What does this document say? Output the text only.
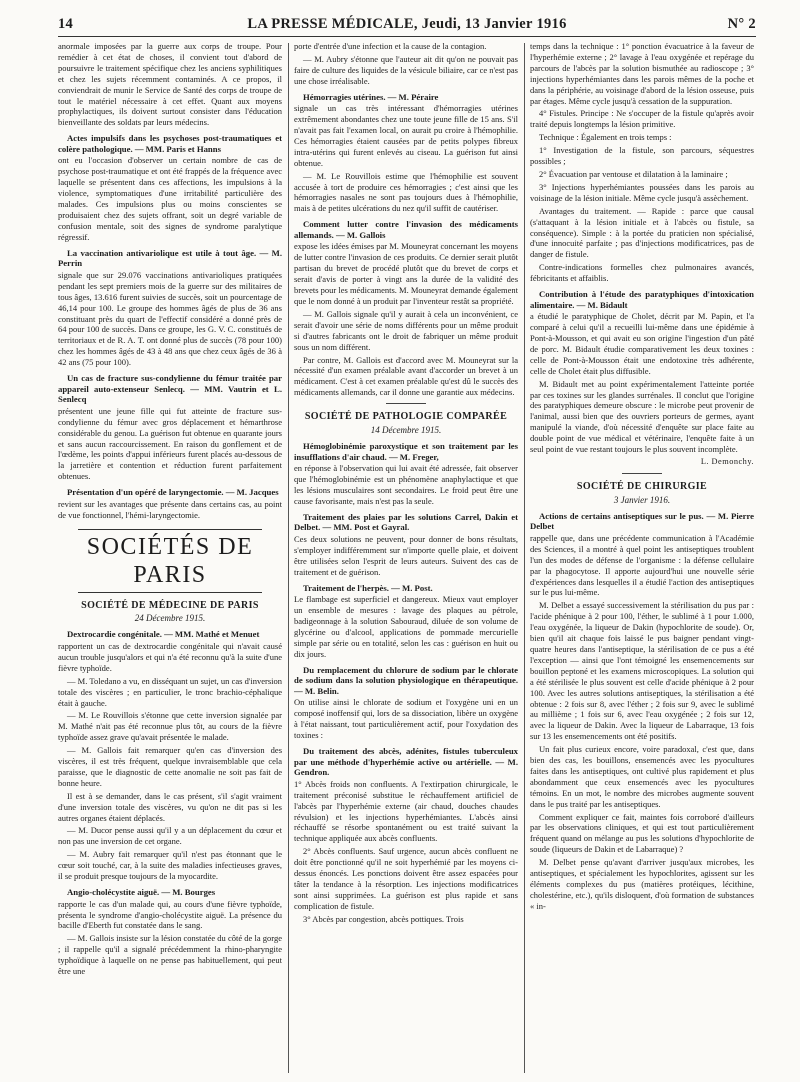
14	LA PRESSE MÉDICALE, Jeudi, 13 Janvier 1916	N° 2

anormale imposées par la guerre aux corps de troupe. Pour remédier à cet état de choses, il convient tout d'abord de poursuivre le traitement spécifique chez les anciens syphilitiques et chez les sujets récemment contaminés. A ce propos, il conviendrait de munir le Service de Santé des corps de troupe de tout le matériel nécessaire à cet effet. Quant aux moyens prophylactiques, ils doivent surtout consister dans l'éducation bienveillante des soldats par leurs médecins.

Actes impulsifs dans les psychoses post-traumatiques et colère pathologique. — MM. Paris et Hanns

ont eu l'occasion d'observer un certain nombre de cas de psychose post-traumatique et ont été frappés de la fréquence avec laquelle se présentent dans ces affections, les impulsions à la violence, symptomatiques d'une irritabilité particulière des malades. Ces impulsions plus ou moins conscientes se produisaient chez des sujets offrant, soit un degré variable de confusion mentale, soit des signes de syndrome paralytique régressif.

La vaccination antivariolique est utile à tout âge. — M. Perrin

signale que sur 29.076 vaccinations antivarioliques pratiquées pendant les sept premiers mois de la guerre sur des militaires de tous âges, 13.616 furent suivies de succès, soit un pourcentage de 46,14 pour 100. Le groupe des hommes âgés de plus de 36 ans constituant près du quart de l'effectif considéré a donné près de 64 pour 100 de succès. Dans ce groupe, les G. V. C. constitués de territoriaux et de R. A. T. ont donné plus de succès (78 pour 100) chez les hommes âgés de 43 à 48 ans que chez ceux âgés de 36 à 42 ans (75 pour 100).

Un cas de fracture sus-condylienne du fémur traitée par appareil auto-extenseur Senlecq. — MM. Vautrin et L. Senlecq

présentent une jeune fille qui fut atteinte de fracture sus-condylienne du fémur avec gros déplacement et hémarthrose considérable du genou. La guérison fut obtenue en quarante jours et sans aucun raccourcissement. En raison du gonflement et de l'œdème, les points d'appui inférieurs furent placés au-dessous de la jarretière et contention et réduction furent parfaitement obtenues.

Présentation d'un opéré de laryngectomie. — M. Jacques

revient sur les avantages que présente dans certains cas, au point de vue fonctionnel, l'hémi-laryngectomie.

SOCIÉTÉS DE PARIS
SOCIÉTÉ DE MÉDECINE DE PARIS
24 Décembre 1915.
Dextrocardie congénitale. — MM. Mathé et Menuet

rapportent un cas de dextrocardie congénitale qui n'avait causé aucun trouble jusqu'alors et qui n'a été reconnu qu'à la suite d'une fièvre typhoïde.

— M. Toledano a vu, en disséquant un sujet, un cas d'inversion totale des viscères ; en particulier, le tronc brachio-céphalique était à gauche.

— M. Le Rouvillois s'étonne que cette inversion signalée par M. Mathé n'ait pas été reconnue plus tôt, au cours de la fièvre typhoïde assez grave qu'avait présentée le malade.

— M. Gallois fait remarquer qu'en cas d'inversion des viscères, il est très fréquent, quelque invraisemblable que cela paraisse, que le diagnostic de cette anomalie ne soit pas fait de bonne heure.

Il est à se demander, dans le cas présent, s'il s'agit vraiment d'une inversion totale des viscères, vu qu'on ne dit pas si les autres organes étaient déplacés.

— M. Ducor pense aussi qu'il y a un déplacement du cœur et non pas une inversion de cet organe.

— M. Aubry fait remarquer qu'il n'est pas étonnant que le cœur soit touché, car, à la suite des maladies infectieuses graves, il se produit presque toujours de la myocardite.

Angio-cholécystite aiguë. — M. Bourges

rapporte le cas d'un malade qui, au cours d'une fièvre typhoïde, présenta le syndrome d'angio-cholécystite aiguë. La présence du bacille d'Eberth fut constatée dans le sang.

— M. Gallois insiste sur la lésion constatée du côté de la gorge ; il rappelle qu'il a signalé précédemment la rhino-pharyngite typhoïdique à laquelle on ne pense pas habituellement, qui peut être une

porte d'entrée d'une infection et la cause de la contagion.

— M. Aubry s'étonne que l'auteur ait dit qu'on ne pouvait pas faire de culture des liquides de la vésicule biliaire, car ce n'est pas une chose irréalisable.

Hémorragies utérines. — M. Péraire

signale un cas très intéressant d'hémorragies utérines extrêmement abondantes chez une toute jeune fille de 15 ans. S'il n'avait pas fait l'examen local, on aurait pu croire à l'hémophilie. Ces hémorragies étaient causées par de petits polypes fibreux intra-utérins qui furent enlevés au ciseau. La guérison fut ainsi obtenue.

— M. Le Rouvillois estime que l'hémophilie est souvent accusée à tort de produire ces hémorragies ; c'est ainsi que les hémorragies nasales ne sont pas toujours dues à l'hémophilie, mais à de petites ulcérations du nez qu'il suffit de cautériser.

Comment lutter contre l'invasion des médicaments allemands. — M. Gallois

expose les idées émises par M. Mouneyrat concernant les moyens de lutter contre l'invasion de ces produits. Ce dernier serait plutôt partisan du brevet de procédé plutôt que du brevet de corps et serait d'avis de porter à vingt ans la durée de la validité des brevets pour les médicaments. M. Mouneyrat demande également que le nom donné à un produit par l'inventeur restât sa propriété.

— M. Gallois signale qu'il y aurait à cela un inconvénient, ce serait d'avoir une série de noms différents pour un même produit si d'autres fabricants ont le droit de fabriquer un même produit sous un nom différent.

Par contre, M. Gallois est d'accord avec M. Mouneyrat sur la nécessité d'un examen préalable avant d'accorder un brevet à un médicament. C'est à cet examen préalable qu'est dû le succès des médicaments allemands, car il donne une garantie aux médecins.

SOCIÉTÉ DE PATHOLOGIE COMPARÉE
14 Décembre 1915.
Hémoglobinémie paroxystique et son traitement par les insufflations d'air chaud. — M. Freger,

en réponse à l'observation qui lui avait été adressée, fait observer que l'hémoglobinémie est un phénomène anaphylactique et que les lésions musculaires sont secondaires. Le froid peut être une cause favorisante, mais n'est pas la seule.

Traitement des plaies par les solutions Carrel, Dakin et Delbet. — MM. Post et Gayral.

Ces deux solutions ne peuvent, pour donner de bons résultats, s'employer indifféremment sur n'importe quelle plaie, et doivent être utilisées selon l'esprit de leurs auteurs. Suivent des cas de traitement et de guérison.

Traitement de l'herpès. — M. Post.

Le flambage est superficiel et dangereux. Mieux vaut employer un ensemble de mesures : lavage des plaques au pétrole, badigeonnage à la solution Sabouraud, diluée de son volume de glycérine ou d'alcool, applications de pommade mercurielle simple par série ou en totalité, selon les cas : guérison en huit ou dix jours.

Du remplacement du chlorure de sodium par le chlorate de sodium dans la solution physiologique en thérapeutique. — M. Belin.

On utilise ainsi le chlorate de sodium et l'oxygène uni en un composé inoffensif qui, lors de sa dissociation, libère un oxygène à l'état naissant, tout particulièrement actif, pour l'oxydation des toxines :

Du traitement des abcès, adénites, fistules tuberculeux par une méthode d'hyperhémie active ou artérielle. — M. Gendron.

1° Abcès froids non confluents. A l'extirpation chirurgicale, le traitement préconisé substitue le réchauffement artificiel de l'abcès par l'hyperhémie externe (air chaud, douches chaudes révulsion) et les injections hyperhémiantes. L'abcès ainsi réchauffé se résorbe spontanément ou est traité suivant la technique appliquée aux abcès confluents.

2° Abcès confluents. Sauf urgence, aucun abcès confluent ne doit être ponctionné qu'il ne soit hyperhémié par les moyens ci-dessus énoncés. Les ponctions doivent être assez espacées pour tâter la tendance à la résorption. Les injections modificatrices sont ainsi supprimées. La guérison est plus rapide et sans complication de fistule.

3° Abcès par congestion, abcès pottiques. Trois

temps dans la technique : 1° ponction évacuatrice à la faveur de l'hyperhémie externe ; 2° lavage à l'eau oxygénée et repérage du parcours de l'abcès par la solution bismuthée au radioscope ; 3° injections hyperhémiantes dans les parois mêmes de la poche et dans la périphérie, au voisinage d'abord de la lésion osseuse, puis par étages. Même cycle jusqu'à cessation de la suppuration.

4° Fistules. Principe : Ne s'occuper de la fistule qu'après avoir traité depuis longtemps la lésion primitive.

Technique : Également en trois temps :

1° Investigation de la fistule, son parcours, séquestres possibles ;

2° Évacuation par ventouse et dilatation à la laminaire ;

3° Injections hyperhémiantes poussées dans les parois au voisinage de la lésion initiale. Même cycle jusqu'à assèchement.

Avantages du traitement. — Rapide : parce que causal (s'attaquant à la lésion initiale et à l'abcès ou fistule, sa conséquence). Simple : à la portée du praticien non spécialisé, d'une innocuité parfaite ; pas d'injections modificatrices, pas de danger de fistule.

Contre-indications formelles chez pulmonaires avancés, fébricitants et affaiblis.

Contribution à l'étude des paratyphiques d'intoxication alimentaire. — M. Bidault

a étudié le paratyphique de Cholet, décrit par M. Papin, et l'a comparé à celui qu'il a recueilli lui-même dans une épidémie à Pont-à-Mousson, et qui avait eu son origine l'ingestion d'un pâté de porc. M. Bidault étudie comparativement les deux toxines : celle de Pont-à-Mousson était une endotoxine très adhérente, celle de Cholet était plus diffusible.

M. Bidault met au point expérimentalement l'atteinte portée par ces toxines sur les glandes surrénales. Il conclut que l'origine des paratyphiques demeure obscure : le microbe peut provenir de l'animal, aussi bien que des ouvriers porteurs de germes, ayant manipulé la viande, d'où nécessité d'enquête sur place faite au double point de vue médical et vétérinaire, l'enquête faite à un seul point de vue restant toujours le plus souvent incomplète.

L. Demonchy.
SOCIÉTÉ DE CHIRURGIE
3 Janvier 1916.
Actions de certains antiseptiques sur le pus. — M. Pierre Delbet

rappelle que, dans une précédente communication à l'Académie des Sciences, il a montré à quel point les antiseptiques troublent l'un des modes de défense de l'organisme : la défense cellulaire par la phagocytose. Il apporte aujourd'hui une nouvelle série d'expériences dans lesquelles il a étudié l'action des antiseptiques sur le pus lui-même.

M. Delbet a essayé successivement la stérilisation du pus par : l'acide phénique à 2 pour 100, l'éther, le sublimé à 1 pour 1.000, l'eau oxygénée, la liqueur de Dakin (hypochlorite de soude). Or, bien qu'il ait chaque fois laissé le pus baigner pendant vingt-quatre heures dans l'antiseptique, la stérilisation de ce pus a été l'exception — ainsi que l'ont témoigné les ensemencements sur bouillon peptoné et les examens microscopiques. La solution qui a été stérilisée le plus souvent est celle d'acide phénique à 2 pour 100. Avec les autres solutions antiseptiques, la stérilisation a été obtenue : 2 fois sur 8, avec l'éther ; 2 fois sur 9, avec le sublimé au millième ; 1 fois sur 6, avec l'eau oxygénée ; 2 fois sur 12, avec la liqueur de Dakin. Avec la liqueur de Labarraque, 13 fois sur 13 les ensemencements ont été positifs.

Un fait plus curieux encore, voire paradoxal, c'est que, dans bien des cas, les bouillons, ensemencés avec les pyocultures faites dans les antiseptiques, ont cultivé plus rapidement et plus abondamment que ceux ensemencés avec les pyocultures témoins. En un mot, le nombre des microbes augmente souvent dans le pus traité par les antiseptiques.

Comment expliquer ce fait, maintes fois corroboré d'ailleurs par les observations cliniques, et qui est tout particulièrement fréquent quand on mélange au pus les solutions d'hypochlorite de soude (liqueurs de Dakin et de Labarraque) ?

M. Delbet pense qu'avant d'arriver jusqu'aux microbes, les antiseptiques, et spécialement les hypochlorites, agissent sur les éléments complexes du pus (matières protéiques, lécithine, cholestérine, etc.), qu'ils disloquent, d'où formation de substances « in-
